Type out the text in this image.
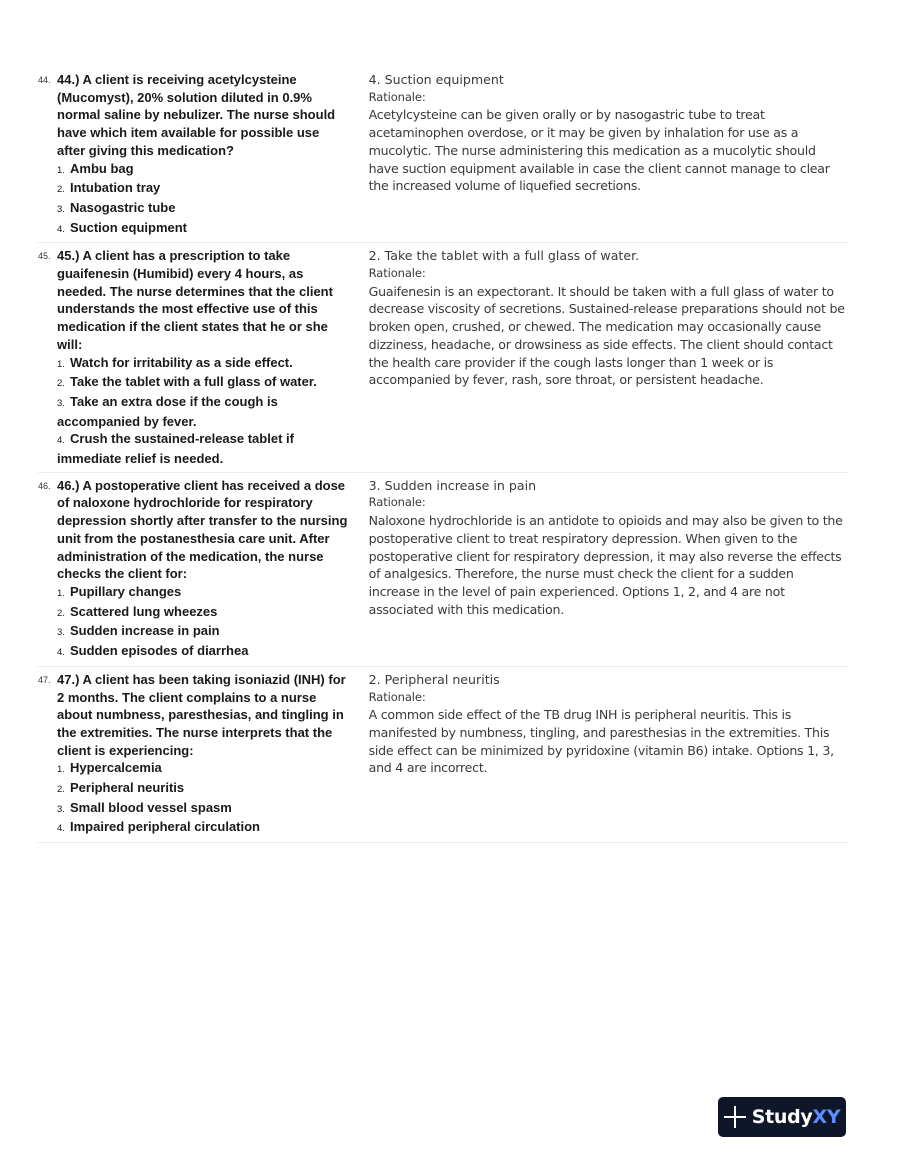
44. 44.) A client is receiving acetylcysteine (Mucomyst), 20% solution diluted in 0.9% normal saline by nebulizer. The nurse should have which item available for possible use after giving this medication?
1. Ambu bag
2. Intubation tray
3. Nasogastric tube
4. Suction equipment
4. Suction equipment
Rationale:
Acetylcysteine can be given orally or by nasogastric tube to treat acetaminophen overdose, or it may be given by inhalation for use as a mucolytic. The nurse administering this medication as a mucolytic should have suction equipment available in case the client cannot manage to clear the increased volume of liquefied secretions.
45. 45.) A client has a prescription to take guaifenesin (Humibid) every 4 hours, as needed. The nurse determines that the client understands the most effective use of this medication if the client states that he or she will:
1. Watch for irritability as a side effect.
2. Take the tablet with a full glass of water.
3. Take an extra dose if the cough is accompanied by fever.
4. Crush the sustained-release tablet if immediate relief is needed.
2. Take the tablet with a full glass of water.
Rationale:
Guaifenesin is an expectorant. It should be taken with a full glass of water to decrease viscosity of secretions. Sustained-release preparations should not be broken open, crushed, or chewed. The medication may occasionally cause dizziness, headache, or drowsiness as side effects. The client should contact the health care provider if the cough lasts longer than 1 week or is accompanied by fever, rash, sore throat, or persistent headache.
46. 46.) A postoperative client has received a dose of naloxone hydrochloride for respiratory depression shortly after transfer to the nursing unit from the postanesthesia care unit. After administration of the medication, the nurse checks the client for:
1. Pupillary changes
2. Scattered lung wheezes
3. Sudden increase in pain
4. Sudden episodes of diarrhea
3. Sudden increase in pain
Rationale:
Naloxone hydrochloride is an antidote to opioids and may also be given to the postoperative client to treat respiratory depression. When given to the postoperative client for respiratory depression, it may also reverse the effects of analgesics. Therefore, the nurse must check the client for a sudden increase in the level of pain experienced. Options 1, 2, and 4 are not associated with this medication.
47. 47.) A client has been taking isoniazid (INH) for 2 months. The client complains to a nurse about numbness, paresthesias, and tingling in the extremities. The nurse interprets that the client is experiencing:
1. Hypercalcemia
2. Peripheral neuritis
3. Small blood vessel spasm
4. Impaired peripheral circulation
2. Peripheral neuritis
Rationale:
A common side effect of the TB drug INH is peripheral neuritis. This is manifested by numbness, tingling, and paresthesias in the extremities. This side effect can be minimized by pyridoxine (vitamin B6) intake. Options 1, 3, and 4 are incorrect.
StudyXY
